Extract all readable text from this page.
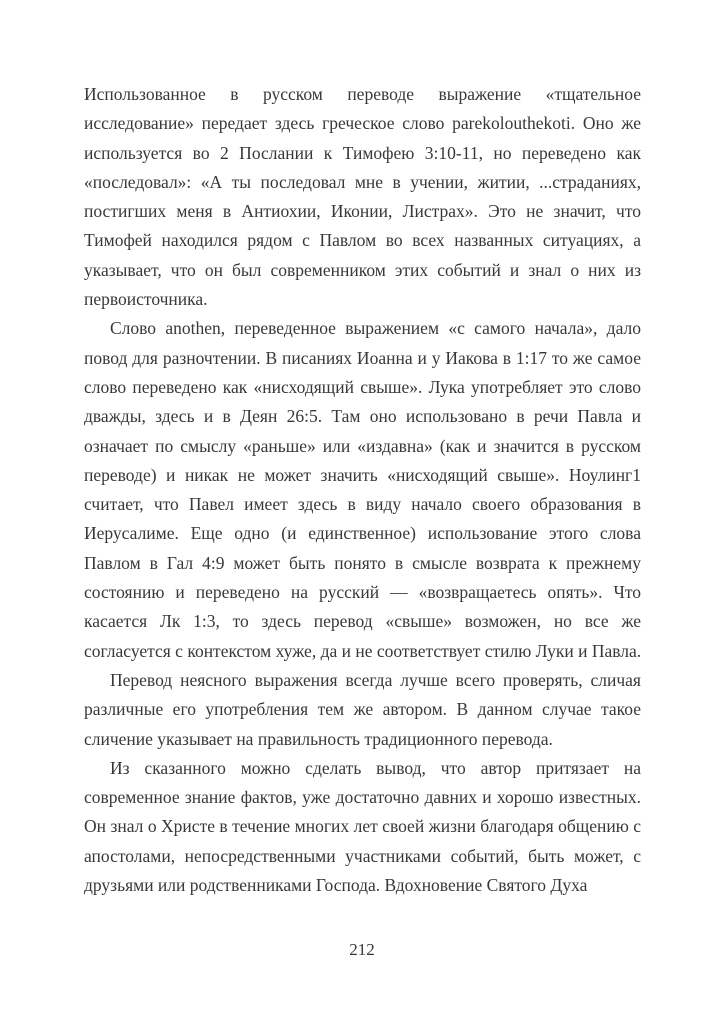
Использованное в русском переводе выражение «тщательное
исследование» передает здесь греческое слово parekolouthekoti. Оно же
используется во 2 Послании к Тимофею 3:10-11, но переведено как
«последовал»: «А ты последовал мне в учении, житии, ...страданиях,
постигших меня в Антиохии, Иконии, Листрах». Это не значит, что
Тимофей находился рядом с Павлом во всех названных ситуациях, а
указывает, что он был современником этих событий и знал о них из
первоисточника.
Слово anothen, переведенное выражением «с самого начала», дало
повод для разночтении. В писаниях Иоанна и у Иакова в 1:17 то же самое
слово переведено как «нисходящий свыше». Лука употребляет это слово
дважды, здесь и в Деян 26:5. Там оно использовано в речи Павла и
означает по смыслу «раньше» или «издавна» (как и значится в русском
переводе) и никак не может значить «нисходящий свыше». Ноулинг1
считает, что Павел имеет здесь в виду начало своего образования в
Иерусалиме. Еще одно (и единственное) использование этого слова
Павлом в Гал 4:9 может быть понято в смысле возврата к прежнему
состоянию и переведено на русский — «возвращаетесь опять». Что
касается Лк 1:3, то здесь перевод «свыше» возможен, но все же
согласуется с контекстом хуже, да и не соответствует стилю Луки и Павла.
Перевод неясного выражения всегда лучше всего проверять, сличая
различные его употребления тем же автором. В данном случае такое
сличение указывает на правильность традиционного перевода.
Из сказанного можно сделать вывод, что автор притязает на
современное знание фактов, уже достаточно давних и хорошо известных.
Он знал о Христе в течение многих лет своей жизни благодаря общению с
апостолами, непосредственными участниками событий, быть может, с
друзьями или родственниками Господа. Вдохновение Святого Духа
212
